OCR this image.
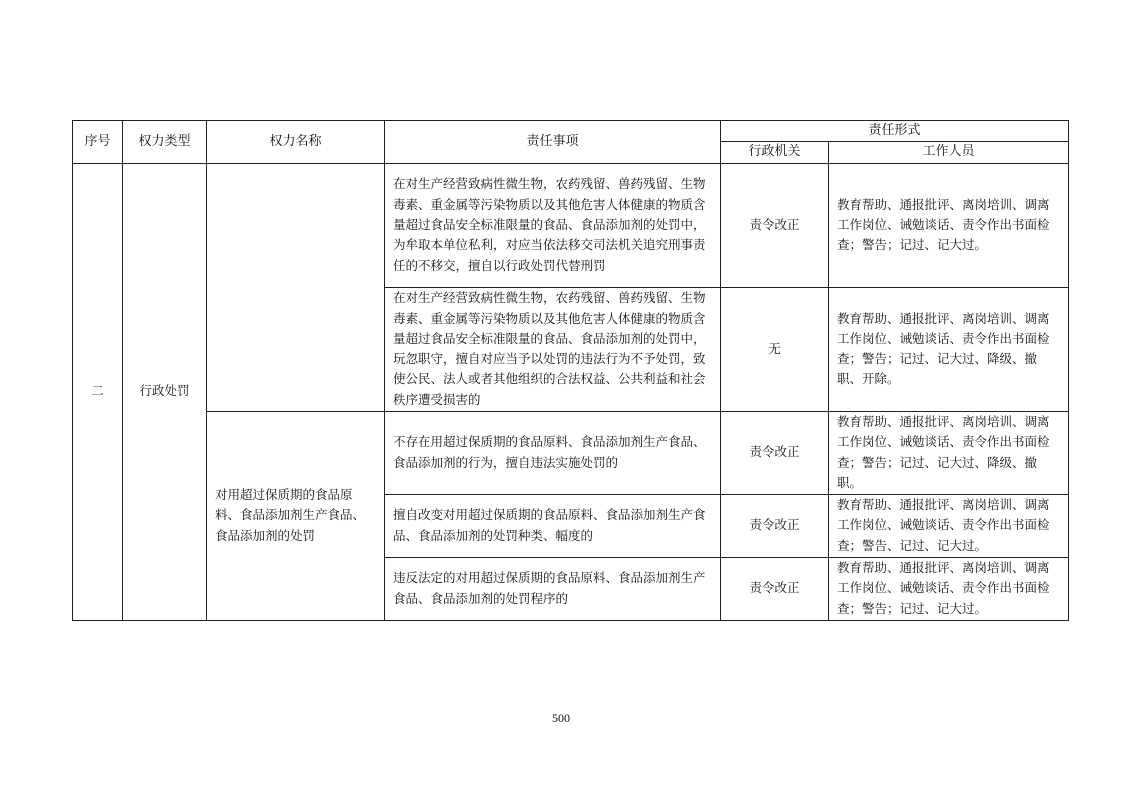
序号	权力类型	权力名称	责任事项	责任形式	
				行政机关	工作人员
二	行政处罚		在对生产经营致病性微生物，农药残留、兽药残留、生物毒素、重金属等污染物质以及其他危害人体健康的物质含量超过食品安全标准限量的食品、食品添加剂的处罚中，为牟取本单位私利，对应当依法移交司法机关追究刑事责任的不移交，擅自以行政处罚代替刑罚	责令改正	教育帮助、通报批评、离岗培训、调离工作岗位、诫勉谈话、责令作出书面检查；警告；记过、记大过。
			在对生产经营致病性微生物，农药残留、兽药残留、生物毒素、重金属等污染物质以及其他危害人体健康的物质含量超过食品安全标准限量的食品、食品添加剂的处罚中，玩忽职守，擅自对应当予以处罚的违法行为不予处罚，致使公民、法人或者其他组织的合法权益、公共利益和社会秩序遭受损害的	无	教育帮助、通报批评、离岗培训、调离工作岗位、诫勉谈话、责令作出书面检查；警告；记过、记大过、降级、撤职、开除。
		对用超过保质期的食品原料、食品添加剂生产食品、食品添加剂的处罚	不存在用超过保质期的食品原料、食品添加剂生产食品、食品添加剂的行为，擅自违法实施处罚的	责令改正	教育帮助、通报批评、离岗培训、调离工作岗位、诫勉谈话、责令作出书面检查；警告；记过、记大过、降级、撤职。
			擅自改变对用超过保质期的食品原料、食品添加剂生产食品、食品添加剂的处罚种类、幅度的	责令改正	教育帮助、通报批评、离岗培训、调离工作岗位、诫勉谈话、责令作出书面检查；警告、记过、记大过。
			违反法定的对用超过保质期的食品原料、食品添加剂生产食品、食品添加剂的处罚程序的	责令改正	教育帮助、通报批评、离岗培训、调离工作岗位、诫勉谈话、责令作出书面检查；警告；记过、记大过。
500
